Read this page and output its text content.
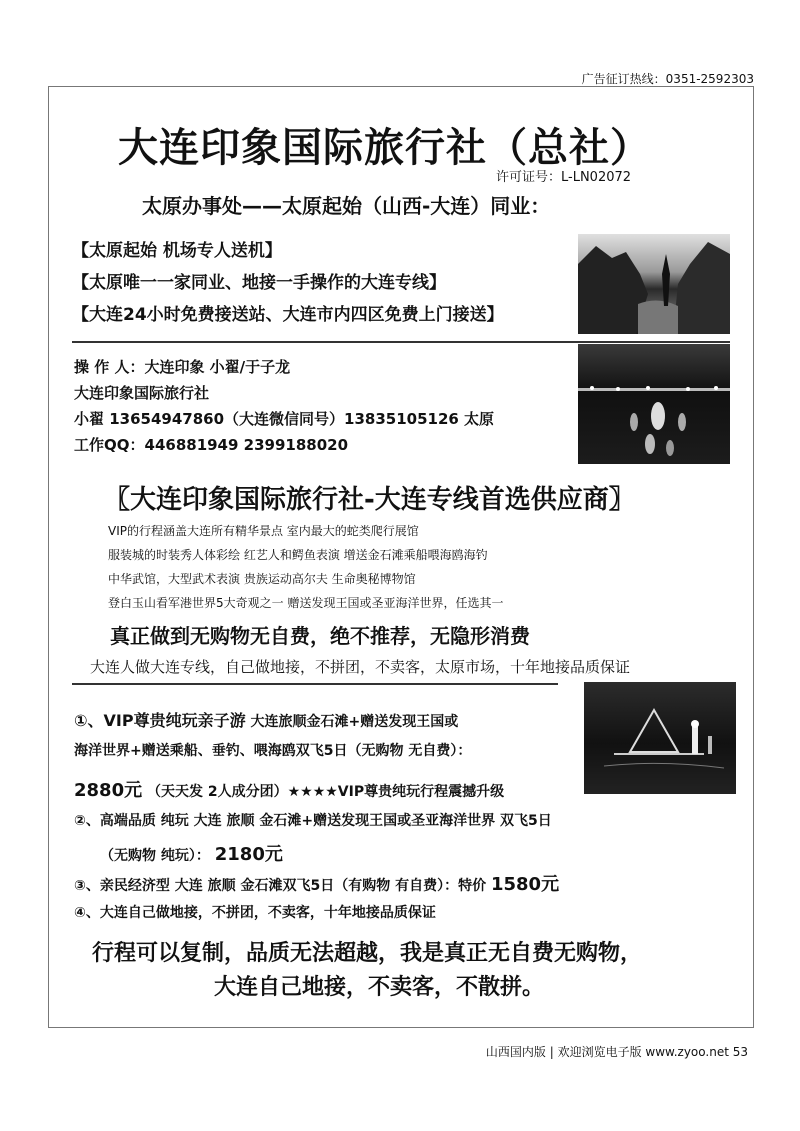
广告征订热线：0351-2592303
大连印象国际旅行社（总社）
许可证号：L-LN02072
太原办事处——太原起始（山西-大连）同业：
【太原起始 机场专人送机】
【太原唯一一家同业、地接一手操作的大连专线】
【大连24小时免费接送站、大连市内四区免费上门接送】
操 作 人：大连印象 小翟/于子龙
大连印象国际旅行社
小翟 13654947860（大连微信同号）13835105126 太原
工作QQ：446881949 2399188020
〖大连印象国际旅行社-大连专线首选供应商〗
VIP的行程涵盖大连所有精华景点 室内最大的蛇类爬行展馆
服装城的时装秀人体彩绘 红艺人和鳄鱼表演 增送金石滩乘船喂海鸥海钓
中华武馆，大型武术表演 贵族运动高尔夫 生命奥秘博物馆
登白玉山看军港世界5大奇观之一 赠送发现王国或圣亚海洋世界，任选其一
真正做到无购物无自费，绝不推荐，无隐形消费
大连人做大连专线，自己做地接，不拼团，不卖客，太原市场，十年地接品质保证
①、VIP尊贵纯玩亲子游 大连旅顺金石滩+赠送发现王国或
海洋世界+赠送乘船、垂钓、喂海鸥双飞5日（无购物 无自费）：
2880元 （天天发 2人成分团）★★★★VIP尊贵纯玩行程震撼升级
②、高端品质 纯玩 大连 旅顺 金石滩+赠送发现王国或圣亚海洋世界 双飞5日
（无购物 纯玩）： 2180元
③、亲民经济型 大连 旅顺 金石滩双飞5日（有购物 有自费）：特价 1580元
④、大连自己做地接，不拼团，不卖客，十年地接品质保证
行程可以复制，品质无法超越，我是真正无自费无购物，
大连自己地接，不卖客，不散拼。
山西国内版 | 欢迎浏览电子版 www.zyoo.net 53
